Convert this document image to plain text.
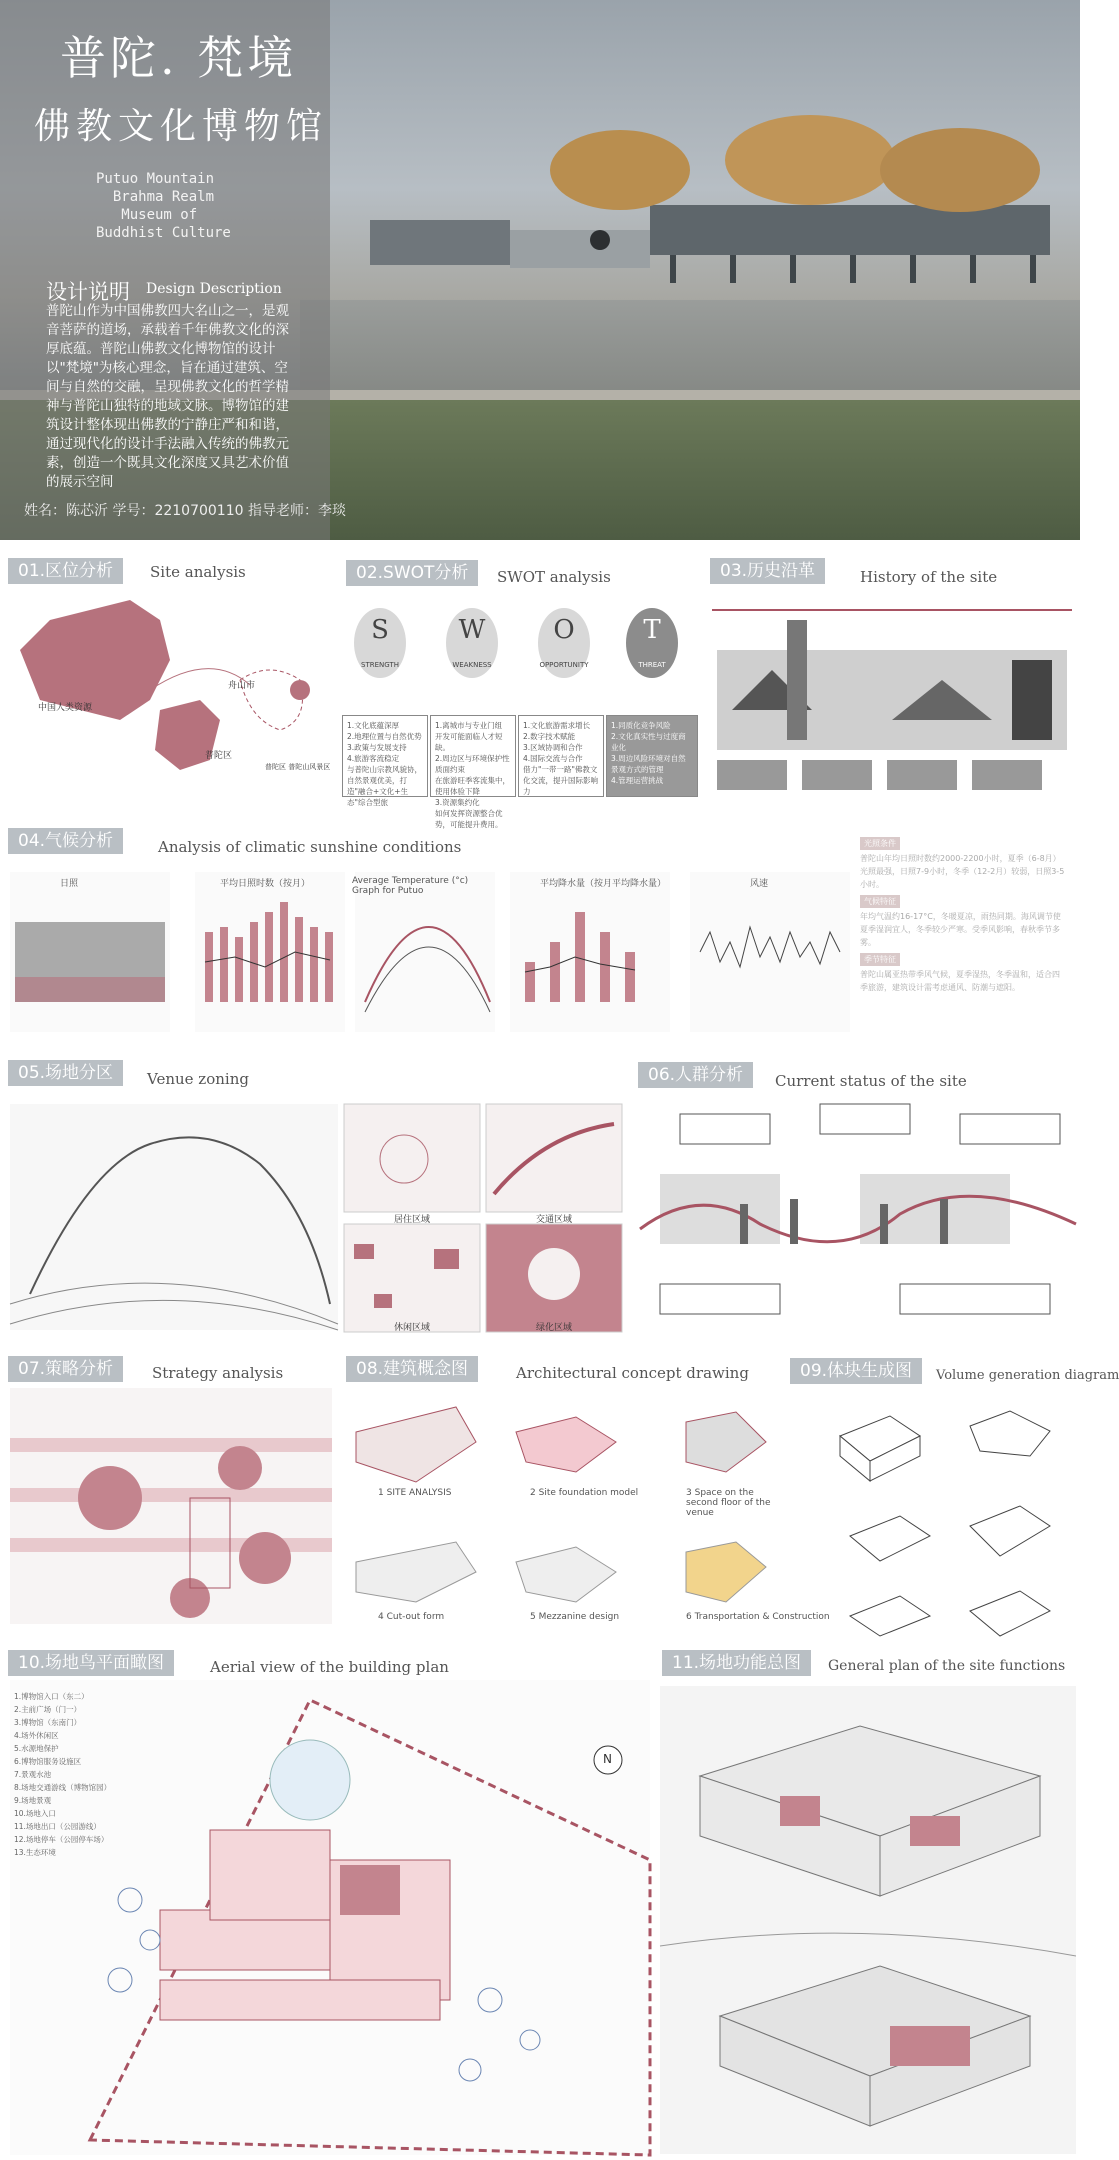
普陀. 梵境
佛教文化博物馆
Putuo Mountain
Brahma Realm
Museum of
Buddhist Culture
设计说明 Design Description
普陀山作为中国佛教四大名山之一，是观音菩萨的道场，承载着千年佛教文化的深厚底蕴。普陀山佛教文化博物馆的设计以"梵境"为核心理念，旨在通过建筑、空间与自然的交融，呈现佛教文化的哲学精神与普陀山独特的地域文脉。博物馆的建筑设计整体现出佛教的宁静庄严和和谐，通过现代化的设计手法融入传统的佛教元素，创造一个既具文化深度又具艺术价值的展示空间
姓名：陈芯沂 学号：2210700110 指导老师：李琰
01.区位分析	Site analysis
中国人类资源
舟山市
普陀区
普陀区 普陀山风景区
02.SWOT分析	SWOT analysis
S
STRENGTH
W
WEAKNESS
O
OPPORTUNITY
T
THREAT
1.文化底蕴深厚
2.地理位置与自然优势
3.政策与发展支持
4.旅游客流稳定
与普陀山宗教风貌协，自然景观优美，打造"融合+文化+生态"综合型旅
1.离城市与专业门组
开发可能面临人才短缺。
2.周边区与环境保护性质面约束
在旅游旺季客流集中，使用体验下降
3.资源集约化
如何发挥资源整合优势，可能提升费用。
1.文化旅游需求增长
2.数字技术赋能
3.区域协调和合作
4.国际交流与合作
借力"一带一路"佛教文化交流，提升国际影响力
1.同质化竞争风险
2.文化真实性与过度商业化
3.周边风险环境对自然景观方式的管理
4.管理运营挑战
03.历史沿革	History of the site
04.气候分析	Analysis of climatic sunshine conditions
日照	平均日照时数（按月）	Average Temperature (°c) Graph for Putuo
平均降水量（按月平均降水量）	风速
光照条件
普陀山年均日照时数约2000-2200小时，夏季（6-8月）光照最强，日照7-9小时，冬季（12-2月）较弱，日照3-5小时。
气候特征
年均气温约16-17°C，冬暖夏凉，雨热同期。海风调节使夏季湿润宜人，冬季较少严寒。受季风影响，春秋季节多雾。
季节特征
普陀山属亚热带季风气候，夏季湿热，冬季温和，适合四季旅游，建筑设计需考虑通风、防潮与遮阳。
05.场地分区	Venue zoning
居住区域	交通区域
休闲区域	绿化区域
06.人群分析	Current status of the site
07.策略分析	Strategy analysis	08.建筑概念图	Architectural concept drawing
1 SITE ANALYSIS	2 Site foundation model	3 Space on the second floor of the venue
4 Cut-out form	5 Mezzanine design	6 Transportation & Construction
09.体块生成图	Volume generation diagram
10.场地鸟平面瞰图	Aerial view of the building plan
N
1.博物馆入口（东二）
2.主前广场（门一）
3.博物馆（东南门）
4.场外休闲区
5.水源地保护
6.博物馆服务设施区
7.景观水池
8.场地交通游线（博物馆园）
9.场地景观
10.场地入口
11.场地出口（公园游线）
12.场地停车（公园停车场）
13.生态环境
11.场地功能总图	General plan of the site functions
